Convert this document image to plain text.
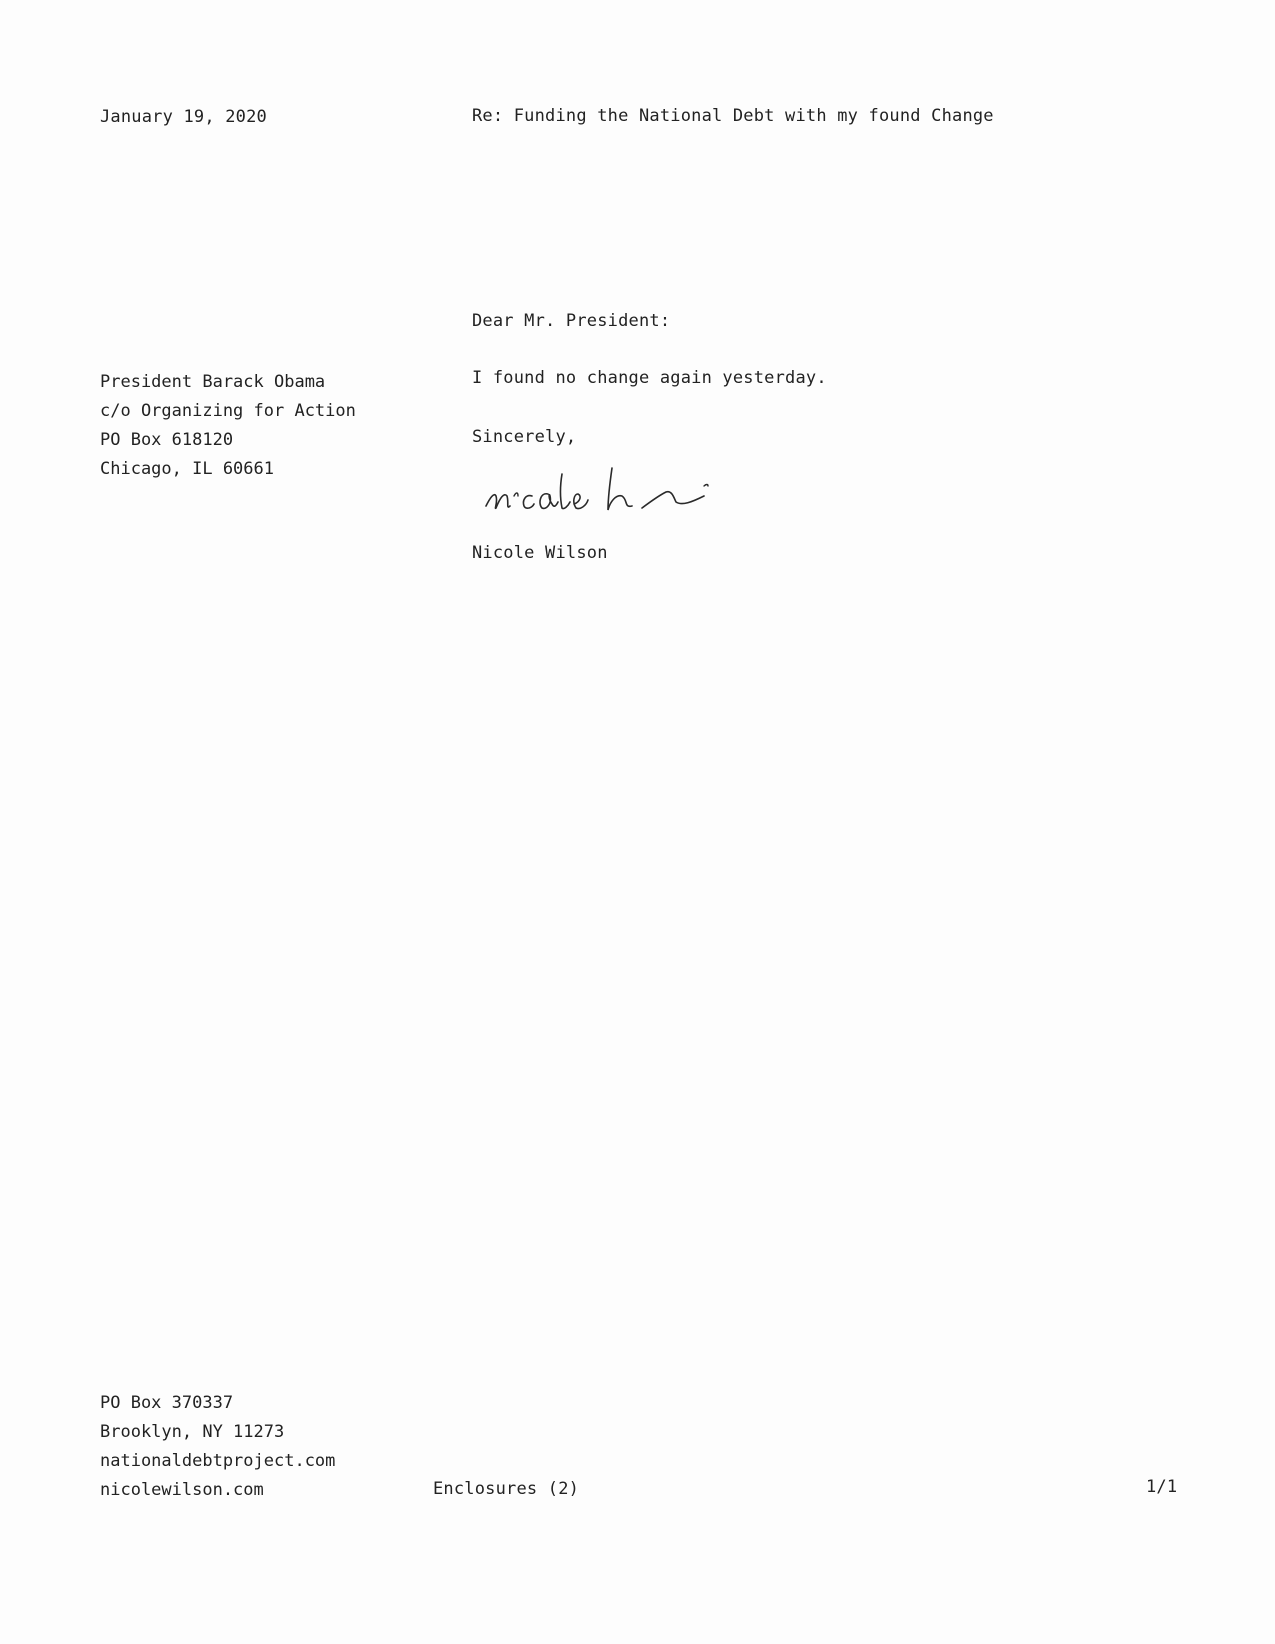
January 19, 2020	Re: Funding the National Debt with my found Change
Dear Mr. President:
President Barack Obama
c/o Organizing for Action
PO Box 618120
Chicago, IL 60661
I found no change again yesterday.
Sincerely,
Nicole Wilson
PO Box 370337
Brooklyn, NY 11273
nationaldebtproject.com
nicolewilson.com	Enclosures (2)	1/1
